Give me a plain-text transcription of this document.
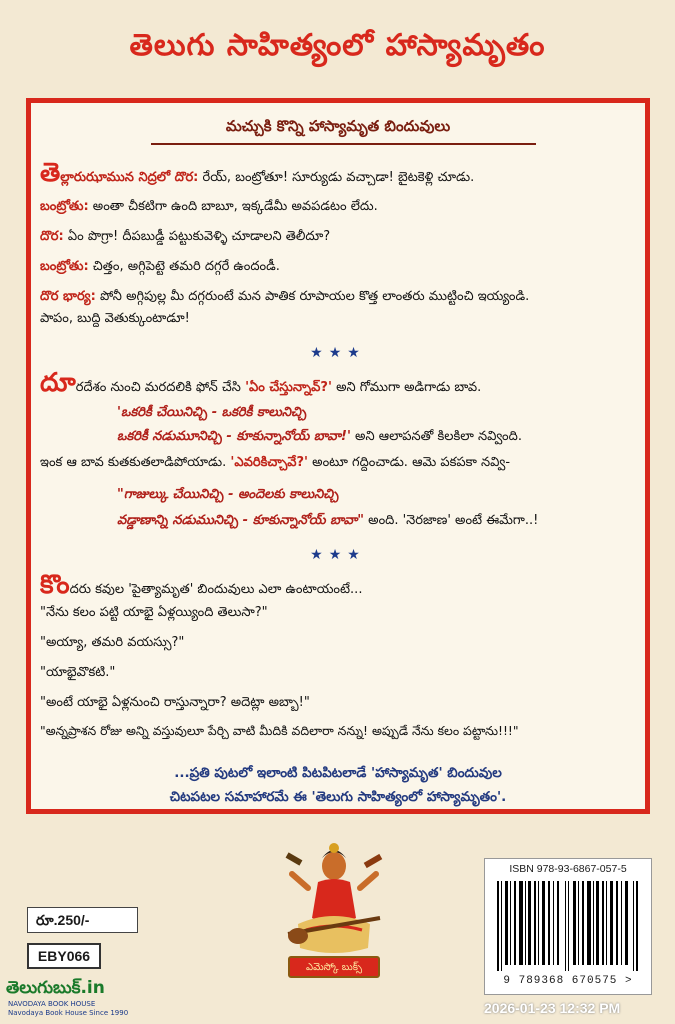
తెలుగు సాహిత్యంలో హాస్యామృతం
మచ్చుకి కొన్ని హాస్యామృత బిందువులు
తెల్లారుఝామున నిద్రలో దొర: రేయ్, బంట్రోతూ! సూర్యుడు వచ్చాడా! బైటకెళ్లి చూడు.
బంట్రోతు: అంతా చీకటిగా ఉంది బాబూ, ఇక్కడేమీ అవపడటం లేదు.
దొర: ఏం పొగ్రా! దీపబుడ్డీ పట్టుకువెళ్ళి చూడాలని తెలీదూ?
బంట్రోతు: చిత్తం, అగ్గిపెట్టె తమరి దగ్గరే ఉందండీ.
దొర భార్య: పోనీ అగ్గిపుల్ల మీ దగ్గరుంటే మన పాతిక రూపాయల కొత్త లాంతరు ముట్టించి ఇయ్యండి.
పాపం, బుద్ది వెతుక్కుంటాడూ!
★★★
దూరదేశం నుంచి మరదలికి ఫోన్ చేసి 'ఏం చేస్తున్నావ్?' అని గోముగా అడిగాడు బావ.
'ఒకరికీ చేయినిచ్చి - ఒకరికీ కాలునిచ్చి
ఒకరికీ నడుమూనిచ్చి - కూకున్నానోయ్ బావా!' అని ఆలాపనతో కిలకిలా నవ్వింది.
ఇంక ఆ బావ కుతకుతలాడిపోయాడు. 'ఎవరికిచ్చావే?' అంటూ గద్దించాడు. ఆమె పకపకా నవ్వి-
"గాజుల్కు చేయినిచ్చి - అందెలకు కాలునిచ్చి
వడ్డాణాన్ని నడుమునిచ్చి - కూకున్నానోయ్ బావా" అంది. 'నెరజాణ' అంటే ఈమేగా..!
★★★
కొందరు కవుల 'పైత్యామృత' బిందువులు ఎలా ఉంటాయంటే...
"నేను కలం పట్టి యాభై ఏళ్లయ్యింది తెలుసా?"
"అయ్యా, తమరి వయస్సు?"
"యాభైవొకటి."
"అంటే యాభై ఏళ్లనుంచి రాస్తున్నారా? అదెట్లా అబ్బా!"
"అన్నప్రాశన రోజు అన్ని వస్తువులూ పేర్చి వాటి మీదికి వదిలారా నన్ను! అప్పుడే నేను కలం పట్టాను!!!"
...ప్రతి పుటలో ఇలాంటి పిటపిటలాడే 'హాస్యామృత' బిందువుల
చిటపటల సమాహారమే ఈ 'తెలుగు సాహిత్యంలో హాస్యామృతం'.
ఎమెస్కో బుక్స్
ISBN 978-93-6867-057-5
9 789368 670575 >
రూ.250/-
EBY066
తెలుగుబుక్.in
NAVODAYA BOOK HOUSE
Navodaya Book House Since 1990	2026-01-23 12:32 PM
